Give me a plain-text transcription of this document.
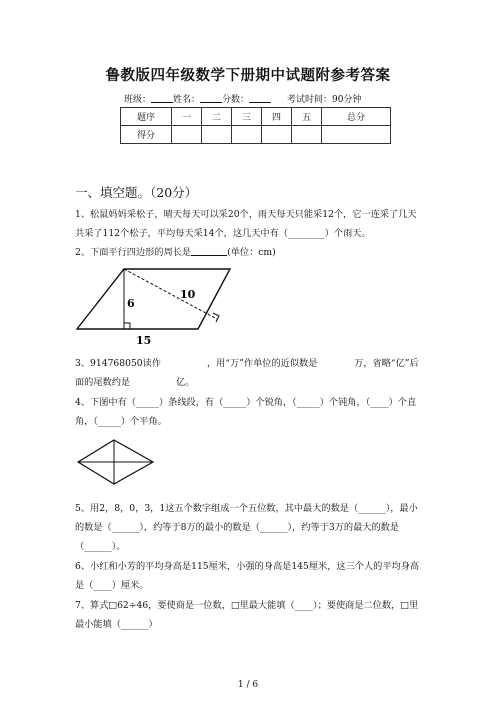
鲁教版四年级数学下册期中试题附参考答案
班级： 姓名： 分数：	考试时间：90分钟
题序	一	二	三	四	五	总分
得分						
一、填空题。（20分）
1、松鼠妈妈采松子，晴天每天可以采20个，雨天每天只能采12个，它一连采了几天共采了112个松子，平均每天采14个，这几天中有（________）个雨天。
2、下面平行四边形的周长是	(单位：cm)
6
10
15
3、914768050读作　　　　　，用“万”作单位的近似数是　　　　万，省略“亿”后面的尾数约是　　　　　亿。
4、下图中有（_____）条线段，有（_____）个锐角，（_____）个钝角，（____）个直角，（_____）个平角。
5、用2，8，0，3，1这五个数字组成一个五位数，其中最大的数是（______），最小的数是（______），约等于8万的最小的数是（______），约等于3万的最大的数是（______）。
6、小红和小芳的平均身高是115厘米，小强的身高是145厘米，这三个人的平均身高是（____）厘米。
7、算式□62÷46，要使商是一位数，□里最大能填（____）；要使商是二位数，□里最小能填（______）
1 / 6
